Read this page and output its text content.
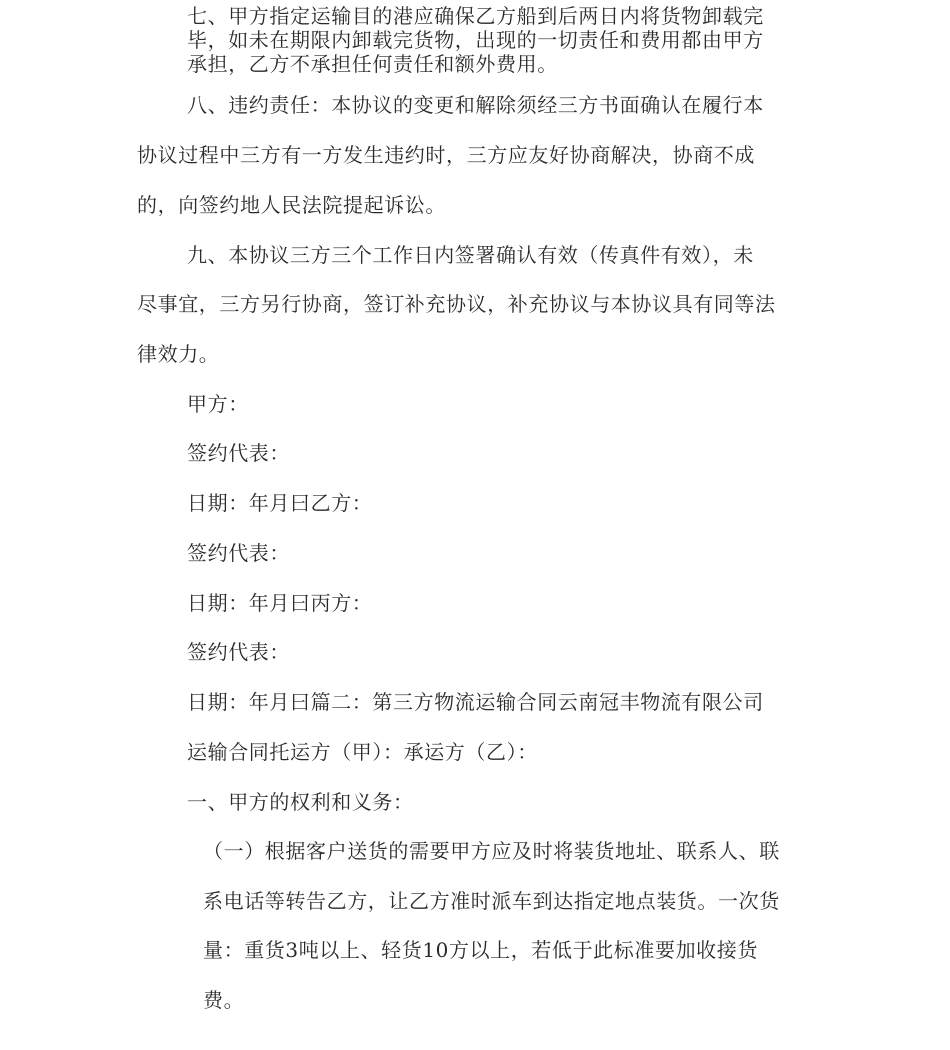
七、甲方指定运输目的港应确保乙方船到后两日内将货物卸载完
毕，如未在期限内卸载完货物，出现的一切责任和费用都由甲方
承担，乙方不承担任何责任和额外费用。
八、违约责任：本协议的变更和解除须经三方书面确认在履行本
协议过程中三方有一方发生违约时，三方应友好协商解决，协商不成
的，向签约地人民法院提起诉讼。
九、本协议三方三个工作日内签署确认有效（传真件有效），未
尽事宜，三方另行协商，签订补充协议，补充协议与本协议具有同等法
律效力。
甲方：
签约代表：
日期：年月曰乙方：
签约代表：
日期：年月曰丙方：
签约代表：
日期：年月曰篇二：第三方物流运输合同云南冠丰物流有限公司
运输合同托运方（甲）：承运方（乙）：
一、甲方的权利和义务：
（一）根据客户送货的需要甲方应及时将装货地址、联系人、联
系电话等转告乙方，让乙方准时派车到达指定地点装货。一次货
量：重货3吨以上、轻货10方以上，若低于此标准要加收接货
费。
